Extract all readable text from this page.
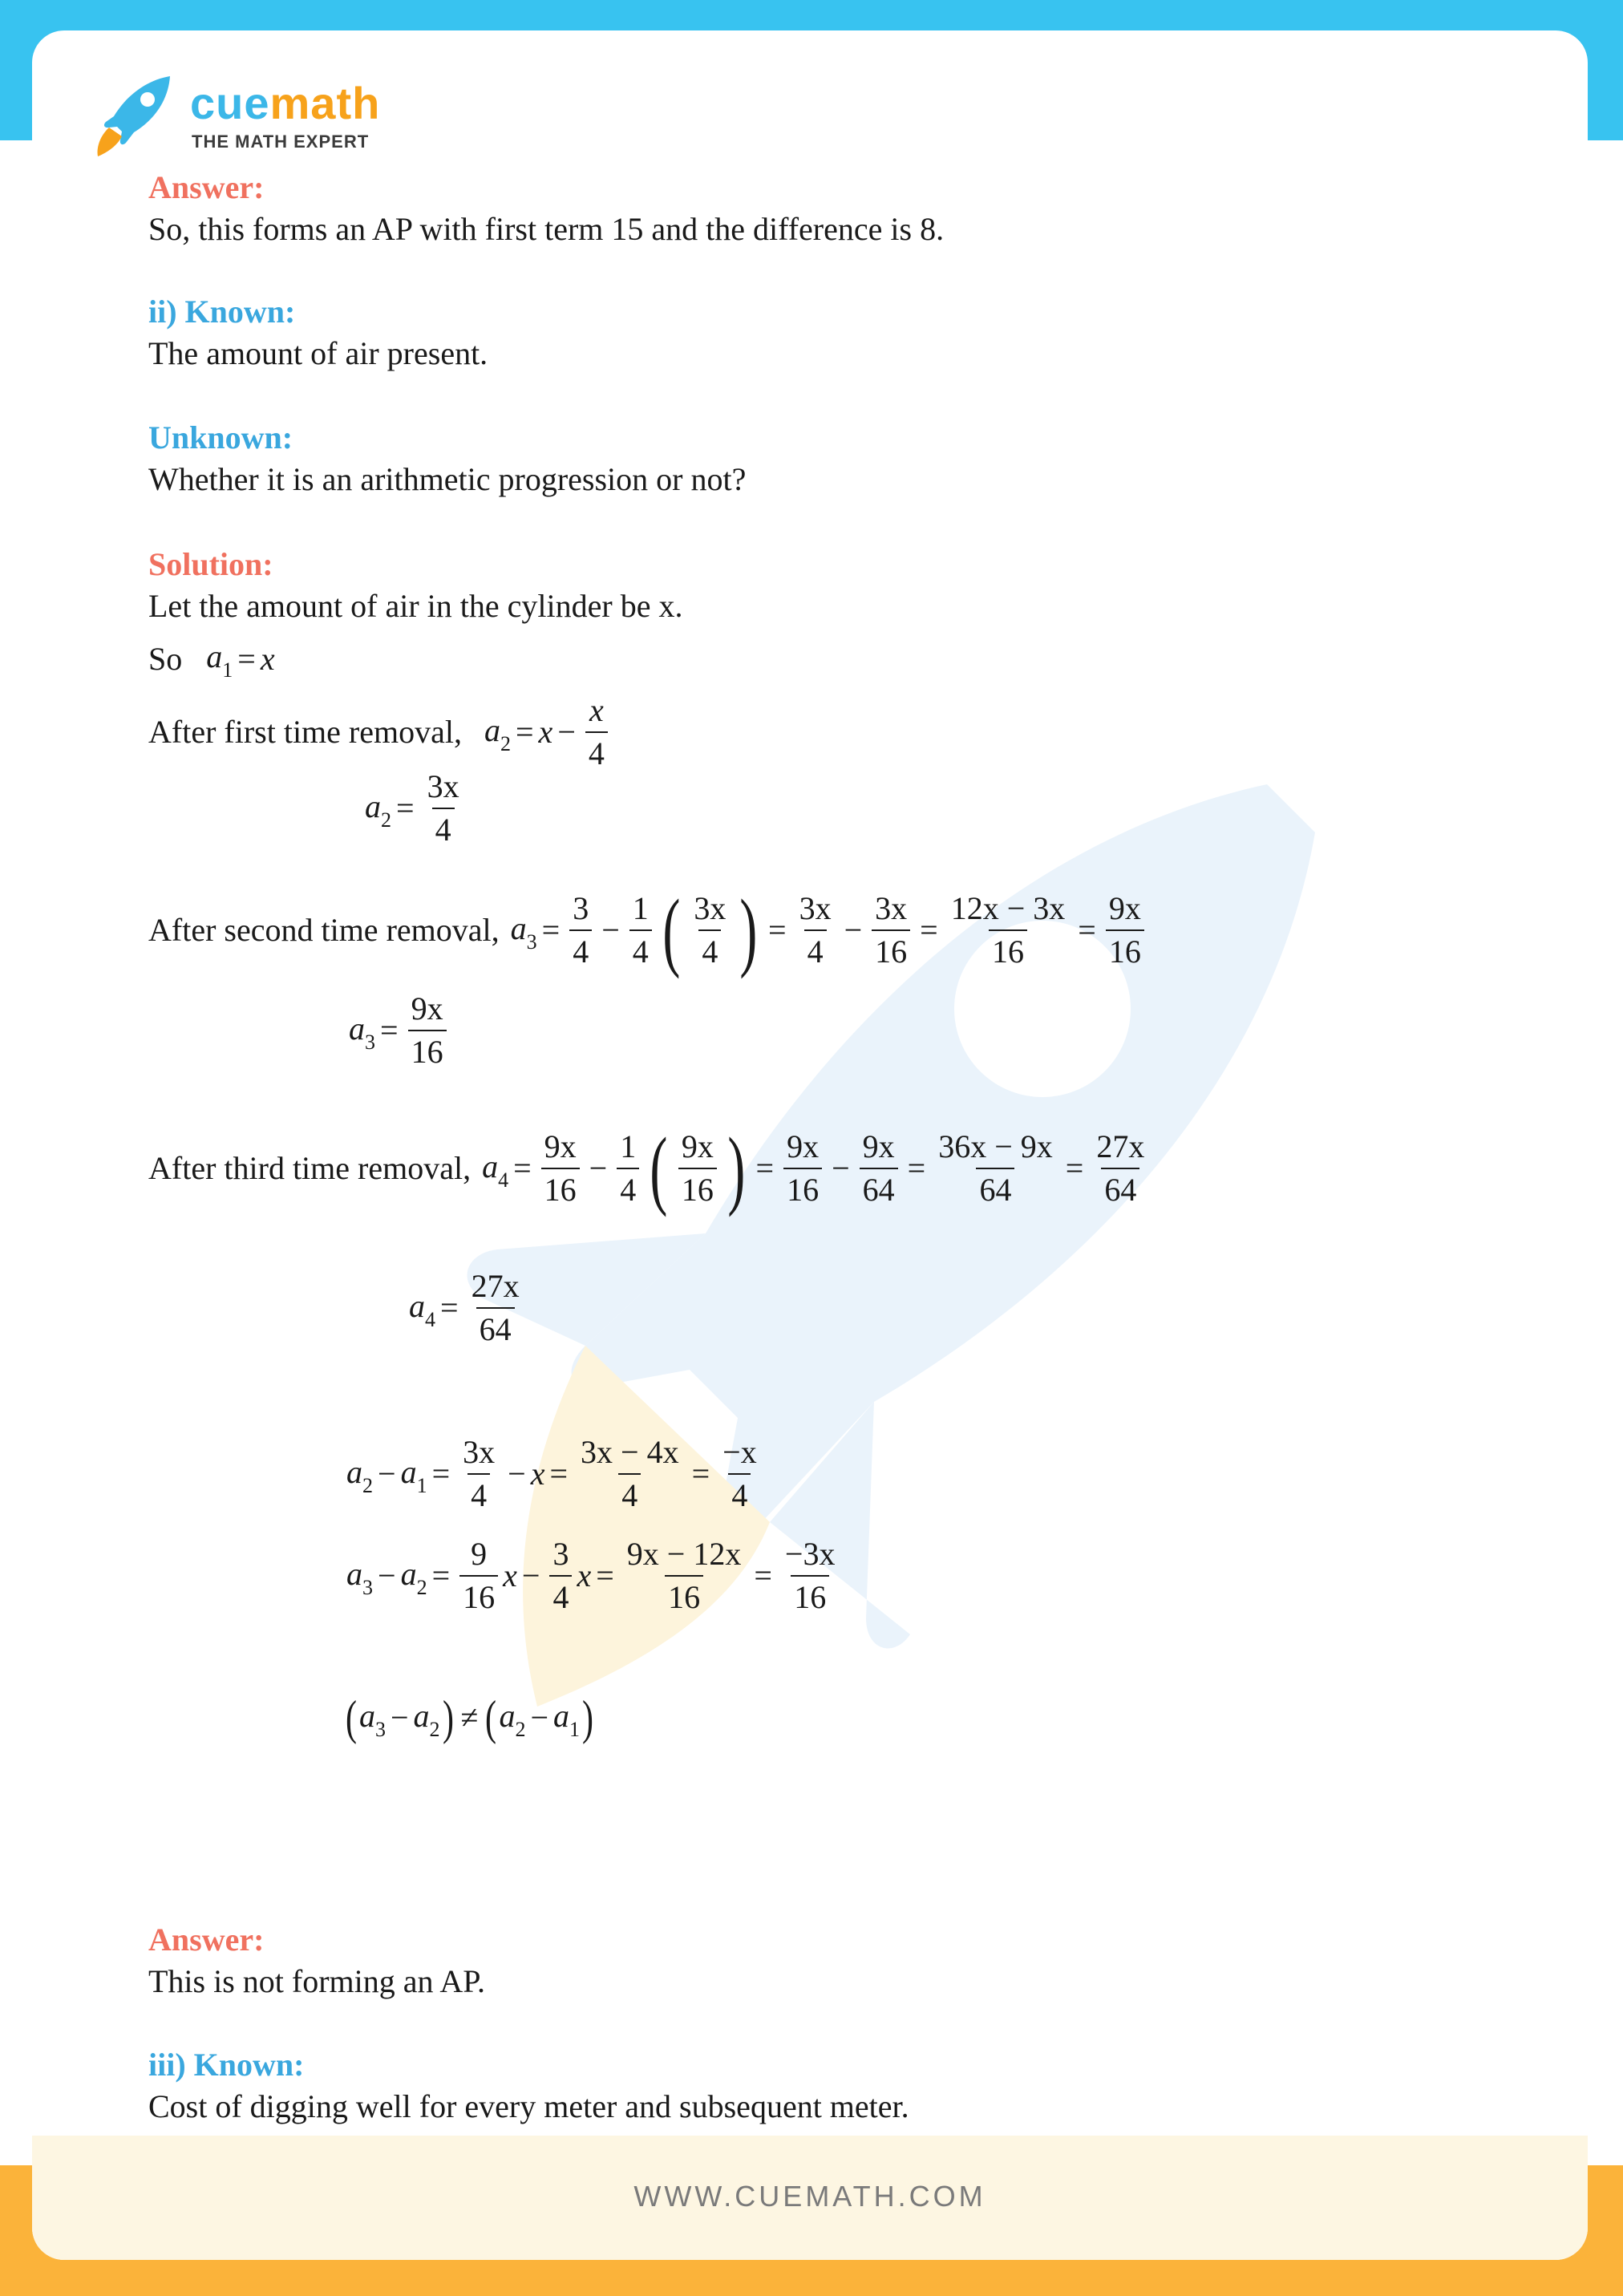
WWW.CUEMATH.COM
cuemath
THE MATH EXPERT
Answer:
So, this forms an AP with first term 15 and the difference is 8.
ii) Known:
The amount of air present.
Unknown:
Whether it is an arithmetic progression or not?
Solution:
Let the amount of air in the cylinder be x.
So $a_1 = x$
After first time removal, $a_2 = x - \frac{x}{4}$
$a_2 = \frac{3x}{4}$
After second time removal, $a_3 = \frac{3}{4} - \frac{1}{4}$ ( $\frac{3x}{4}$ ) = $\frac{3x}{4} - \frac{3x}{16} = \frac{12x - 3x}{16} = \frac{9x}{16}$
$a_3 = \frac{9x}{16}$
After third time removal, $a_4 = \frac{9x}{16} - \frac{1}{4}$ ( $\frac{9x}{16}$ ) = $\frac{9x}{16} - \frac{9x}{64} = \frac{36x - 9x}{64} = \frac{27x}{64}$
$a_4 = \frac{27x}{64}$
$a_2 - a_1 = \frac{3x}{4} - x = \frac{3x - 4x}{4} = \frac{-x}{4}$
$a_3 - a_2 = \frac{9}{16}$ $x - \frac{3}{4}$ $x = \frac{9x - 12x}{16} = \frac{-3x}{16}$
( $a_3 - a_2$ ) ≠ ( $a_2 - a_1$ )
Answer:
This is not forming an AP.
iii) Known:
Cost of digging well for every meter and subsequent meter.
